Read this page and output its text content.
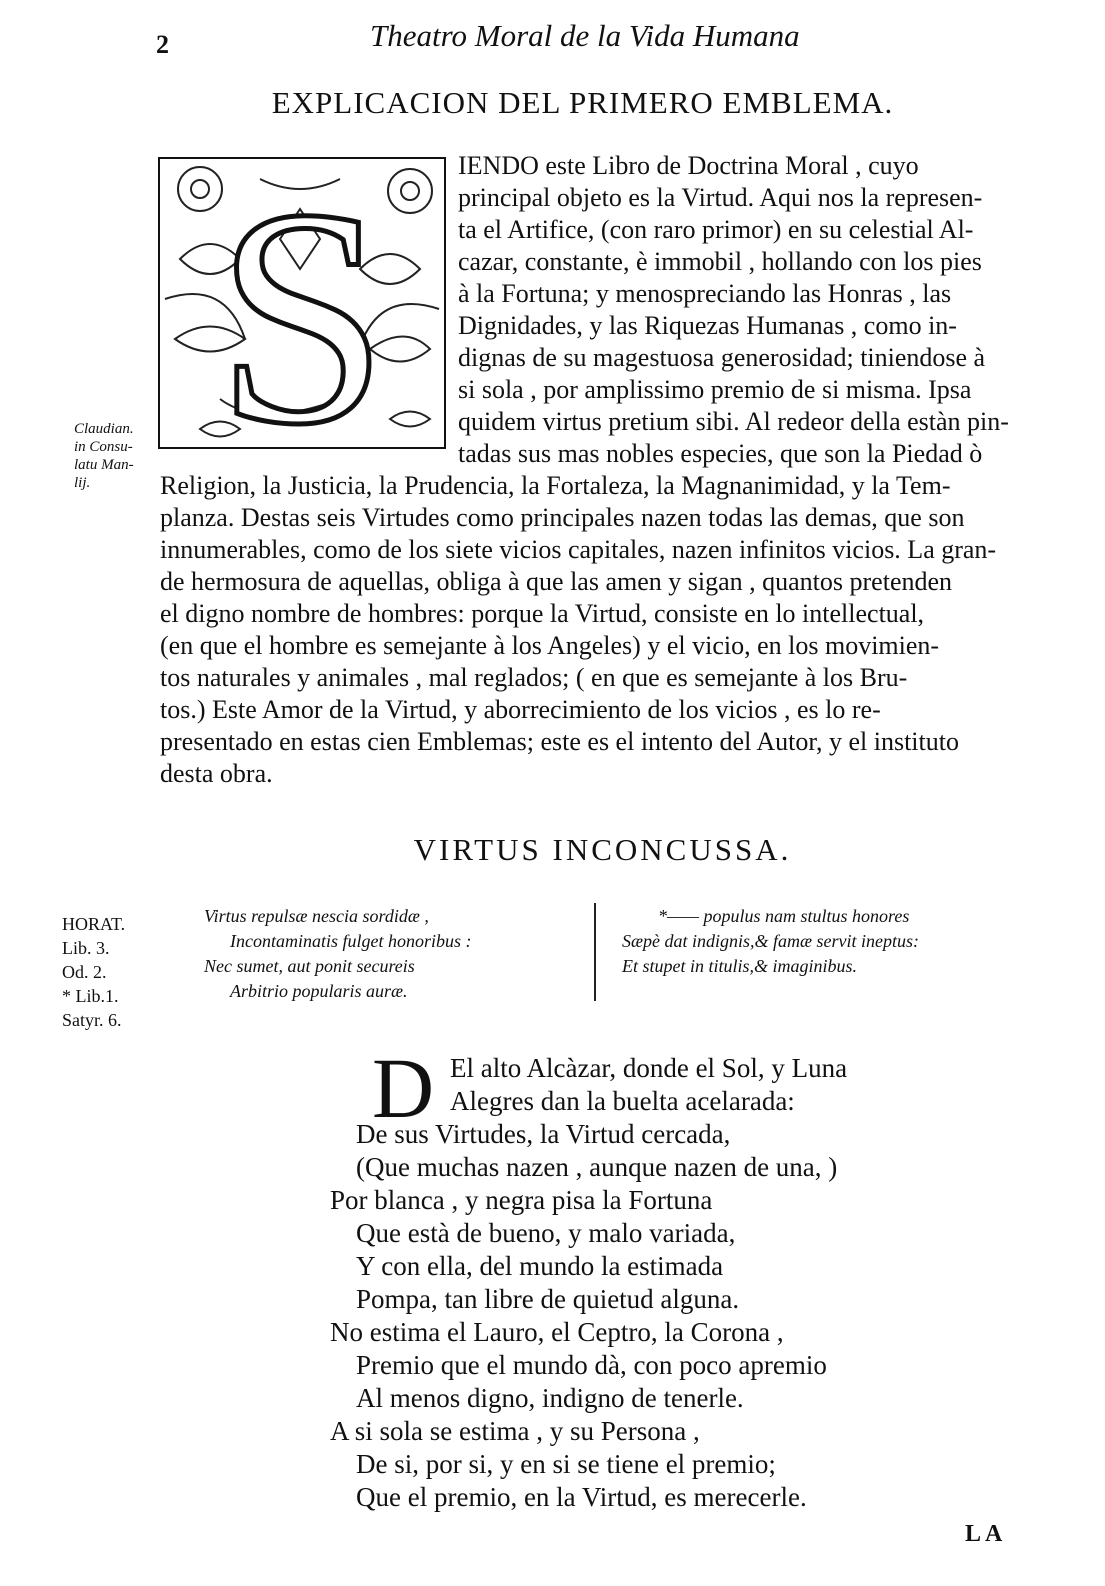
2	Theatro Moral de la Vida Humana
EXPLICACION DEL PRIMERO EMBLEMA.
S	IENDO este Libro de Doctrina Moral , cuyo
principal objeto es la Virtud. Aqui nos la represen-
ta el Artifice, (con raro primor) en su celestial Al-
cazar, constante, è immobil , hollando con los pies
à la Fortuna; y menospreciando las Honras , las
Dignidades, y las Riquezas Humanas , como in-
dignas de su magestuosa generosidad; tiniendose à
si sola , por amplissimo premio de si misma. Ipsa
quidem virtus pretium sibi. Al redeor della estàn pin-
tadas sus mas nobles especies, que son la Piedad ò
Religion, la Justicia, la Prudencia, la Fortaleza, la Magnanimidad, y la Tem-
planza. Destas seis Virtudes como principales nazen todas las demas, que son
innumerables, como de los siete vicios capitales, nazen infinitos vicios. La gran-
de hermosura de aquellas, obliga à que las amen y sigan , quantos pretenden
el digno nombre de hombres: porque la Virtud, consiste en lo intellectual,
(en que el hombre es semejante à los Angeles) y el vicio, en los movimien-
tos naturales y animales , mal reglados; ( en que es semejante à los Bru-
tos.) Este Amor de la Virtud, y aborrecimiento de los vicios , es lo re-
presentado en estas cien Emblemas; este es el intento del Autor, y el instituto
desta obra.
Claudian.
in Consu-
latu Man-
lij.
VIRTUS INCONCUSSA.
HORAT.
Lib. 3.
Od. 2.
* Lib.1.
Satyr. 6.
Virtus repulsæ nescia sordidæ ,
Incontaminatis fulget honoribus :
Nec sumet, aut ponit secureis
Arbitrio popularis auræ.
*—— populus nam stultus honores
Sæpè dat indignis,& famæ servit ineptus:
Et stupet in titulis,& imaginibus.
D El alto Alcàzar, donde el Sol, y Luna
Alegres dan la buelta acelarada:
De sus Virtudes, la Virtud cercada,
(Que muchas nazen , aunque nazen de una, )
Por blanca , y negra pisa la Fortuna
Que està de bueno, y malo variada,
Y con ella, del mundo la estimada
Pompa, tan libre de quietud alguna.
No estima el Lauro, el Ceptro, la Corona ,
Premio que el mundo dà, con poco apremio
Al menos digno, indigno de tenerle.
A si sola se estima , y su Persona ,
De si, por si, y en si se tiene el premio;
Que el premio, en la Virtud, es merecerle.
LA
